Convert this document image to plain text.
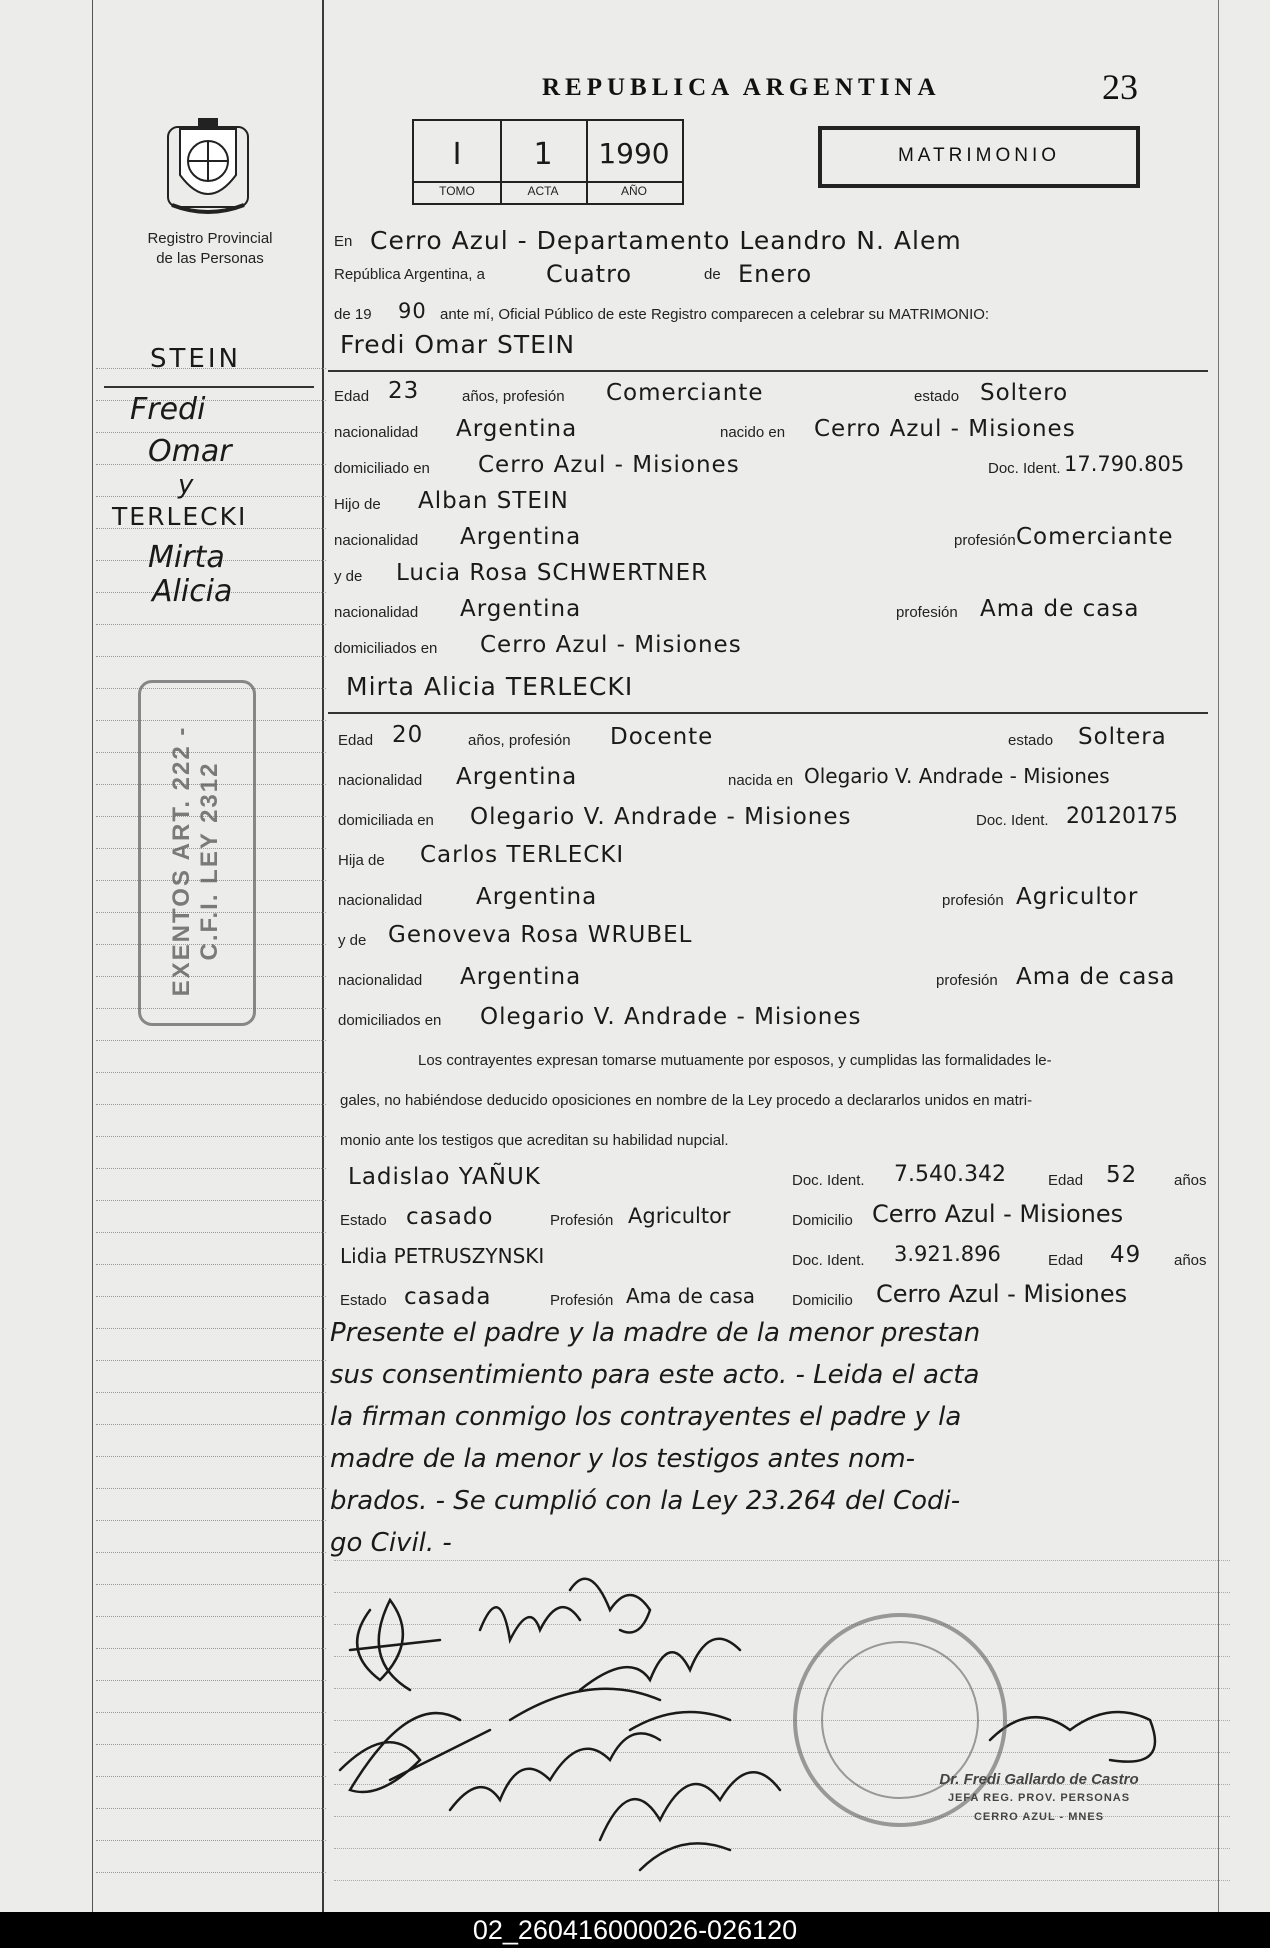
Registro Provincial
de las Personas
REPUBLICA ARGENTINA	23
I	1	1990
TOMO	ACTA	AÑO
MATRIMONIO
STEIN
Fredi
Omar
y
TERLECKI
Mirta
Alicia
EXENTOS ART. 222 - C.F.I. LEY 2312
En Cerro Azul - Departamento Leandro N. Alem
República Argentina, a	Cuatro	de Enero
de 19 90 ante mí, Oficial Público de este Registro comparecen a celebrar su MATRIMONIO:
Fredi Omar STEIN
Edad 23	años, profesión Comerciante	estado Soltero
nacionalidad Argentina	nacido en Cerro Azul - Misiones
domiciliado en Cerro Azul - Misiones	Doc. Ident. 17.790.805
Hijo de Alban STEIN
nacionalidad Argentina	profesión Comerciante
y de Lucia Rosa SCHWERTNER
nacionalidad Argentina	profesión Ama de casa
domiciliados en Cerro Azul - Misiones
Mirta Alicia TERLECKI
Edad 20	años, profesión Docente	estado Soltera
nacionalidad Argentina	nacida en Olegario V. Andrade - Misiones
domiciliada en Olegario V. Andrade - Misiones	Doc. Ident. 20120175
Hija de Carlos TERLECKI
nacionalidad Argentina	profesión Agricultor
y de Genoveva Rosa WRUBEL
nacionalidad Argentina	profesión Ama de casa
domiciliados en Olegario V. Andrade - Misiones
Los contrayentes expresan tomarse mutuamente por esposos, y cumplidas las formalidades le-
gales, no habiéndose deducido oposiciones en nombre de la Ley procedo a declararlos unidos en matri-
monio ante los testigos que acreditan su habilidad nupcial.
Ladislao YAÑUK	Doc. Ident. 7.540.342	Edad 52 años
Estado casado	Profesión Agricultor	Domicilio Cerro Azul - Misiones
Lidia PETRUSZYNSKI	Doc. Ident. 3.921.896	Edad 49 años
Estado casada	Profesión Ama de casa Domicilio Cerro Azul - Misiones
Presente el padre y la madre de la menor prestan
sus consentimiento para este acto. - Leida el acta
la firman conmigo los contrayentes el padre y la
madre de la menor y los testigos antes nom-
brados. - Se cumplió con la Ley 23.264 del Codi-
go Civil. -
Dr. Fredi Gallardo de Castro
JEFA REG. PROV. PERSONAS
CERRO AZUL - MNES
02_260416000026-026120
